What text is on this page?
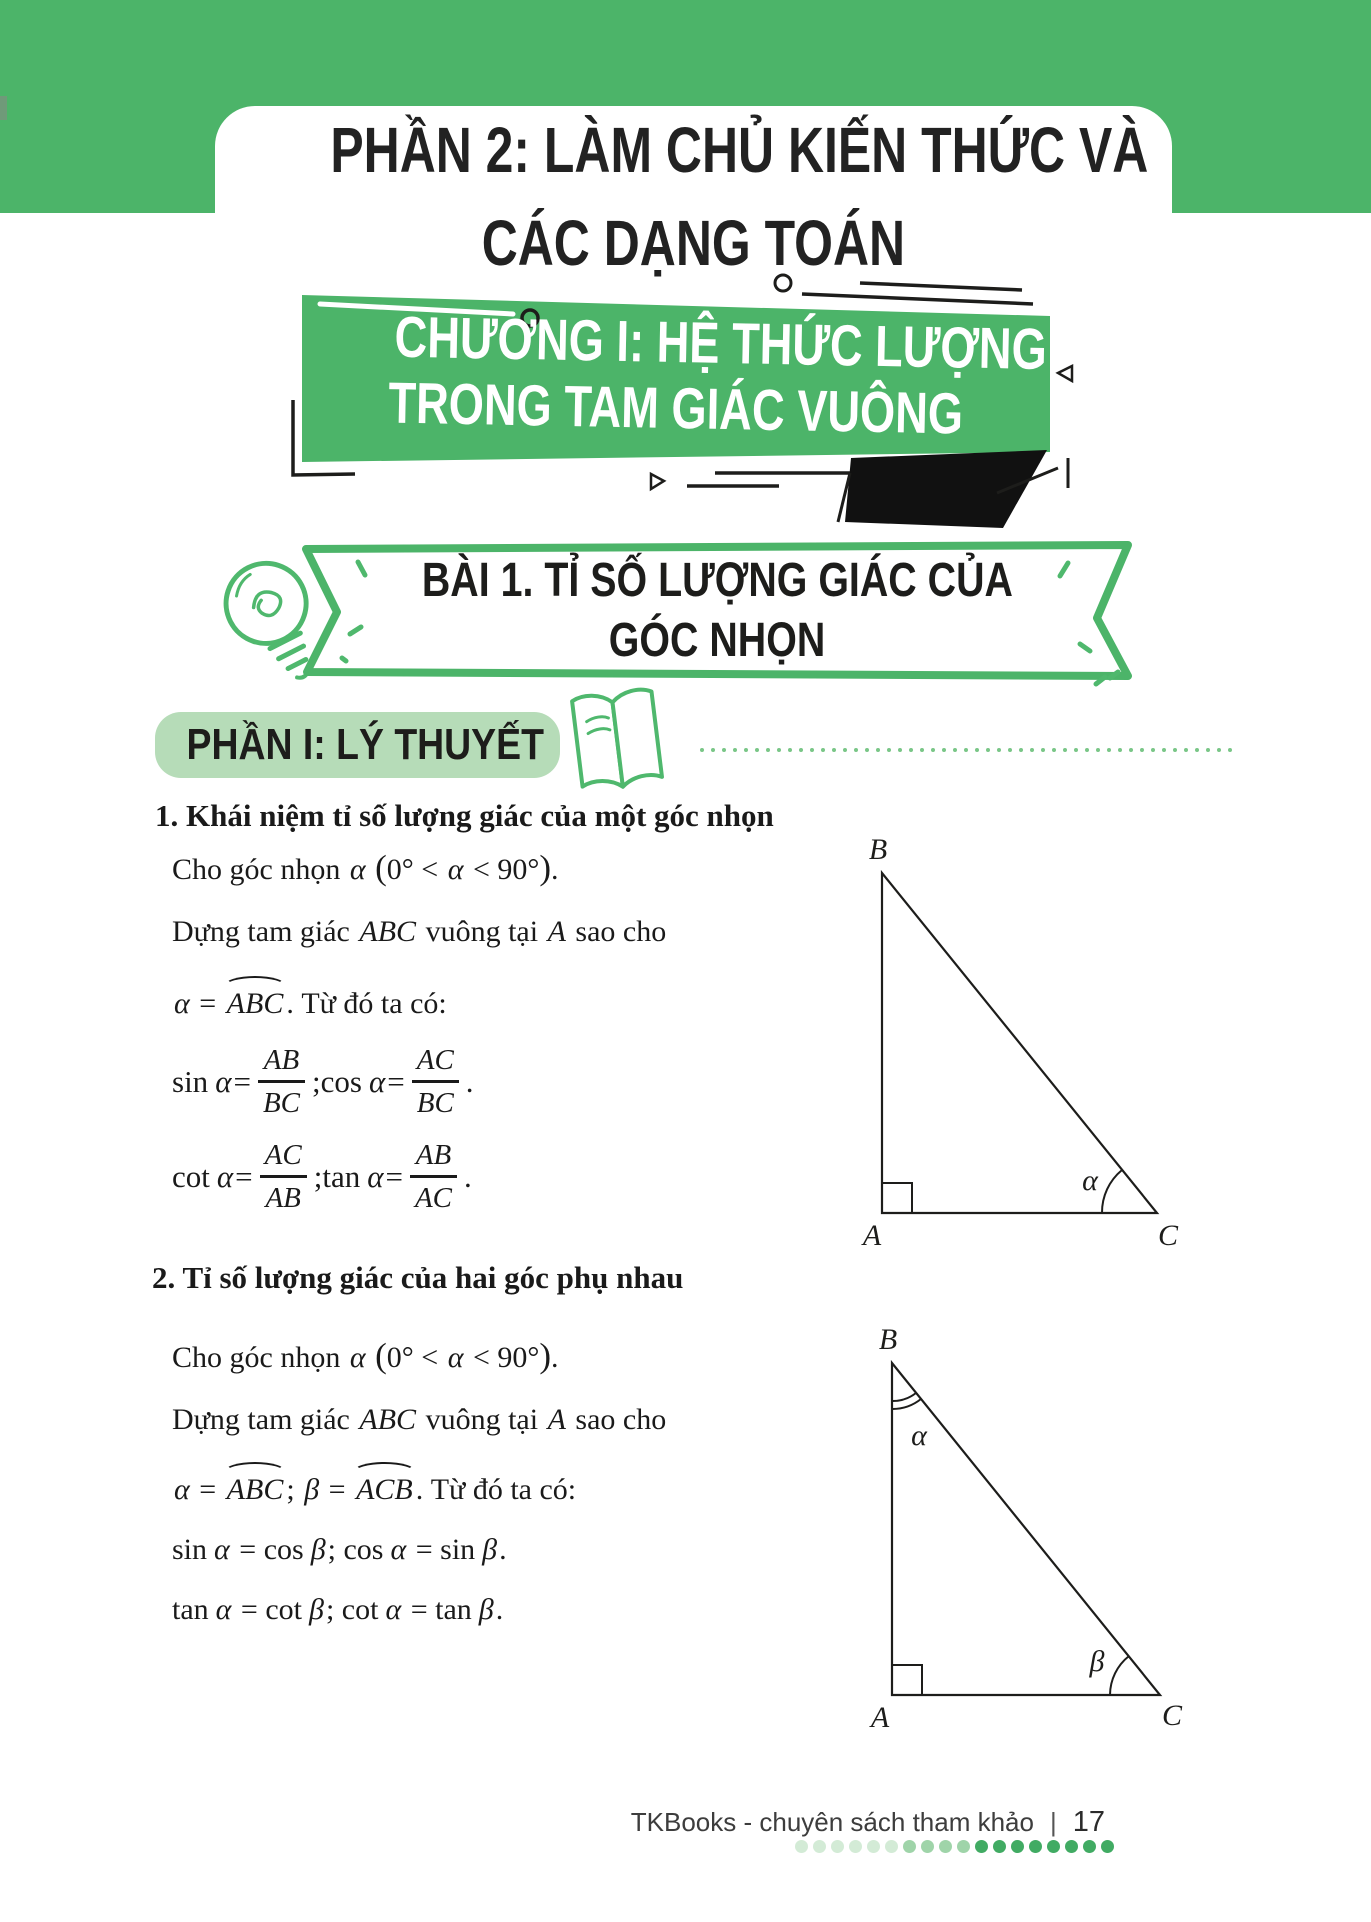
PHẦN 2: LÀM CHỦ KIẾN THỨC VÀ
CÁC DẠNG TOÁN
CHƯƠNG I: HỆ THỨC LƯỢNG
TRONG TAM GIÁC VUÔNG
BÀI 1. TỈ SỐ LƯỢNG GIÁC CỦA
GÓC NHỌN
PHẦN I: LÝ THUYẾT
1. Khái niệm tỉ số lượng giác của một góc nhọn
Cho góc nhọn α (0° < α < 90°).
Dựng tam giác ABC vuông tại A sao cho
α = ABC . Từ đó ta có:
$\sin \alpha = \frac{AB}{BC}$ ; $\cos \alpha = \frac{AC}{BC}$ .
$\cot \alpha = \frac{AC}{AB}$ ; $\tan \alpha = \frac{AB}{AC}$ .
B
A	C
α
2. Tỉ số lượng giác của hai góc phụ nhau
Cho góc nhọn α (0° < α < 90°).
Dựng tam giác ABC vuông tại A sao cho
α = ABC ; β = ACB . Từ đó ta có:
sin α = cos β; cos α = sin β.
tan α = cot β; cot α = tan β.
B
A	C
α
β
TKBooks - chuyên sách tham khảo | 17
